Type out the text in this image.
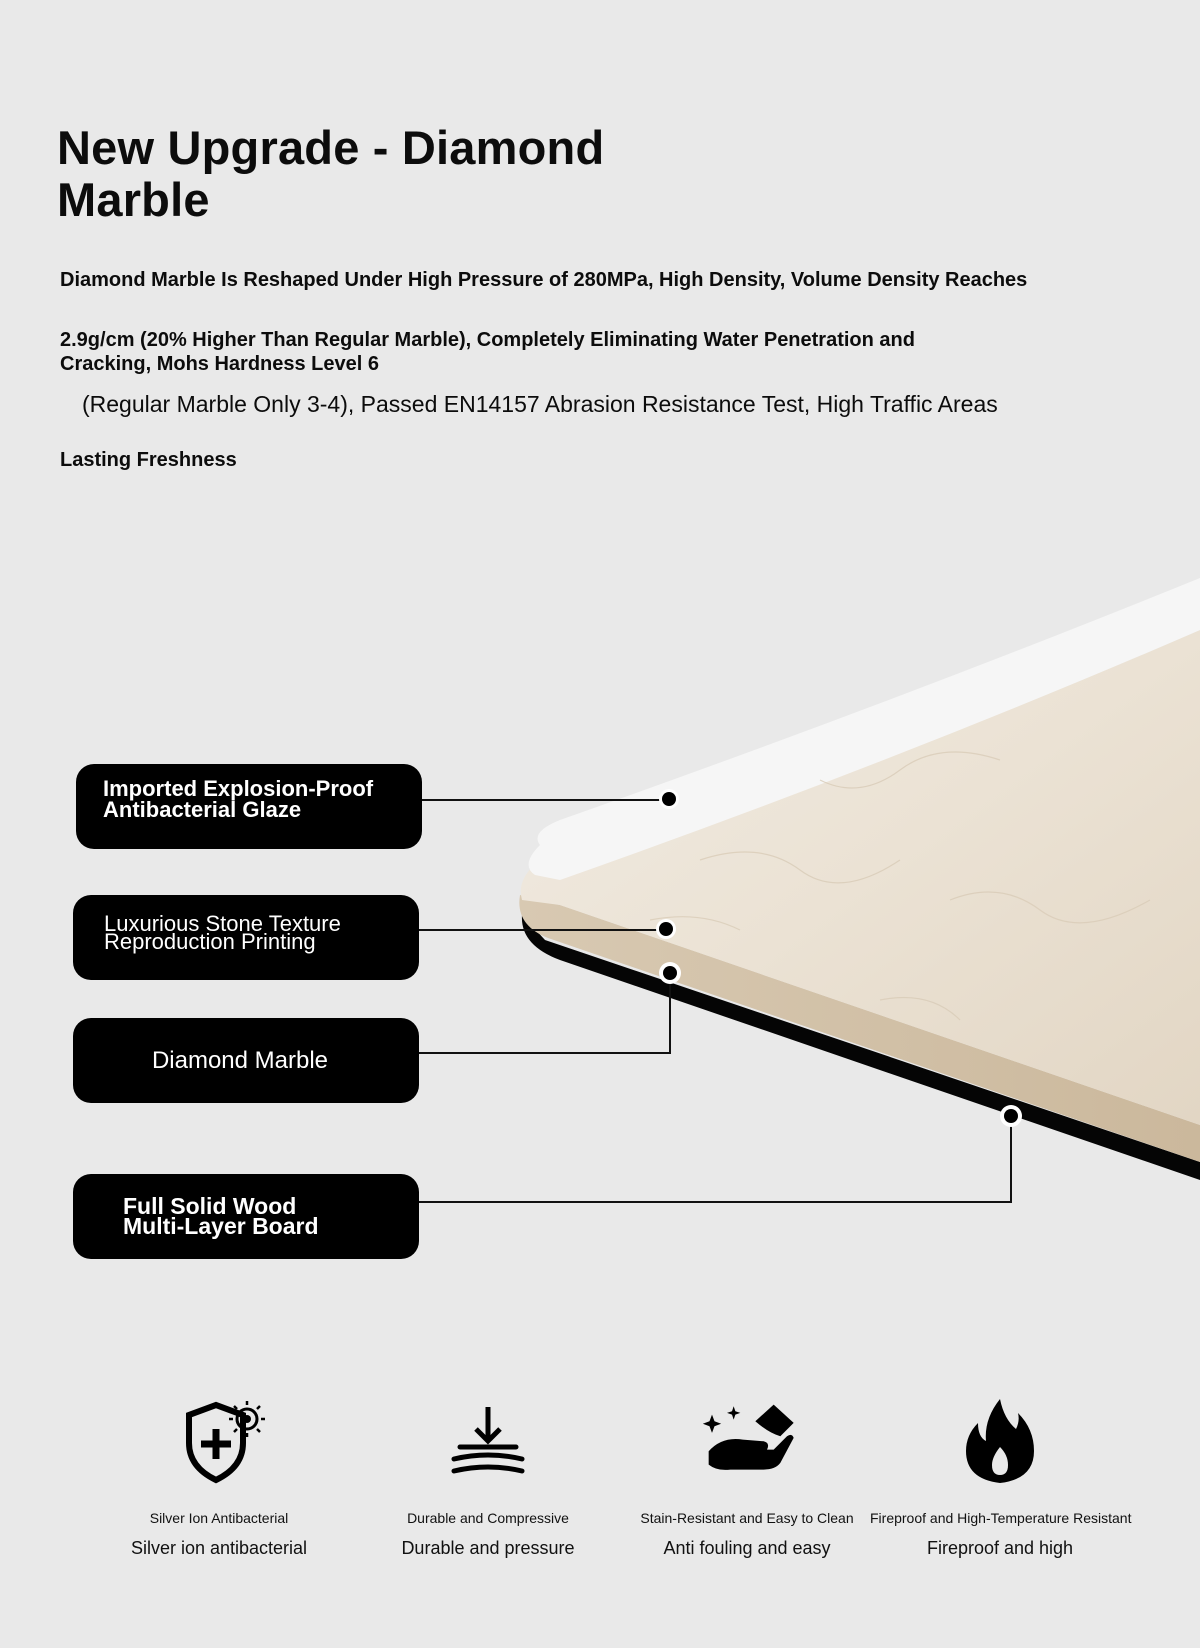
New Upgrade - Diamond Marble
Diamond Marble Is Reshaped Under High Pressure of 280MPa, High Density, Volume Density Reaches
2.9g/cm (20% Higher Than Regular Marble), Completely Eliminating Water Penetration and Cracking, Mohs Hardness Level 6
(Regular Marble Only 3-4), Passed EN14157 Abrasion Resistance Test, High Traffic Areas
Lasting Freshness
Imported Explosion-Proof
Antibacterial Glaze
Luxurious Stone Texture
Reproduction Printing
Diamond Marble
Full Solid Wood
Multi-Layer Board
Silver Ion Antibacterial
Silver ion antibacterial
Durable and Compressive
Durable and pressure
Stain-Resistant and Easy to Clean
Anti fouling and easy
Fireproof and High-Temperature Resistant
Fireproof and high
